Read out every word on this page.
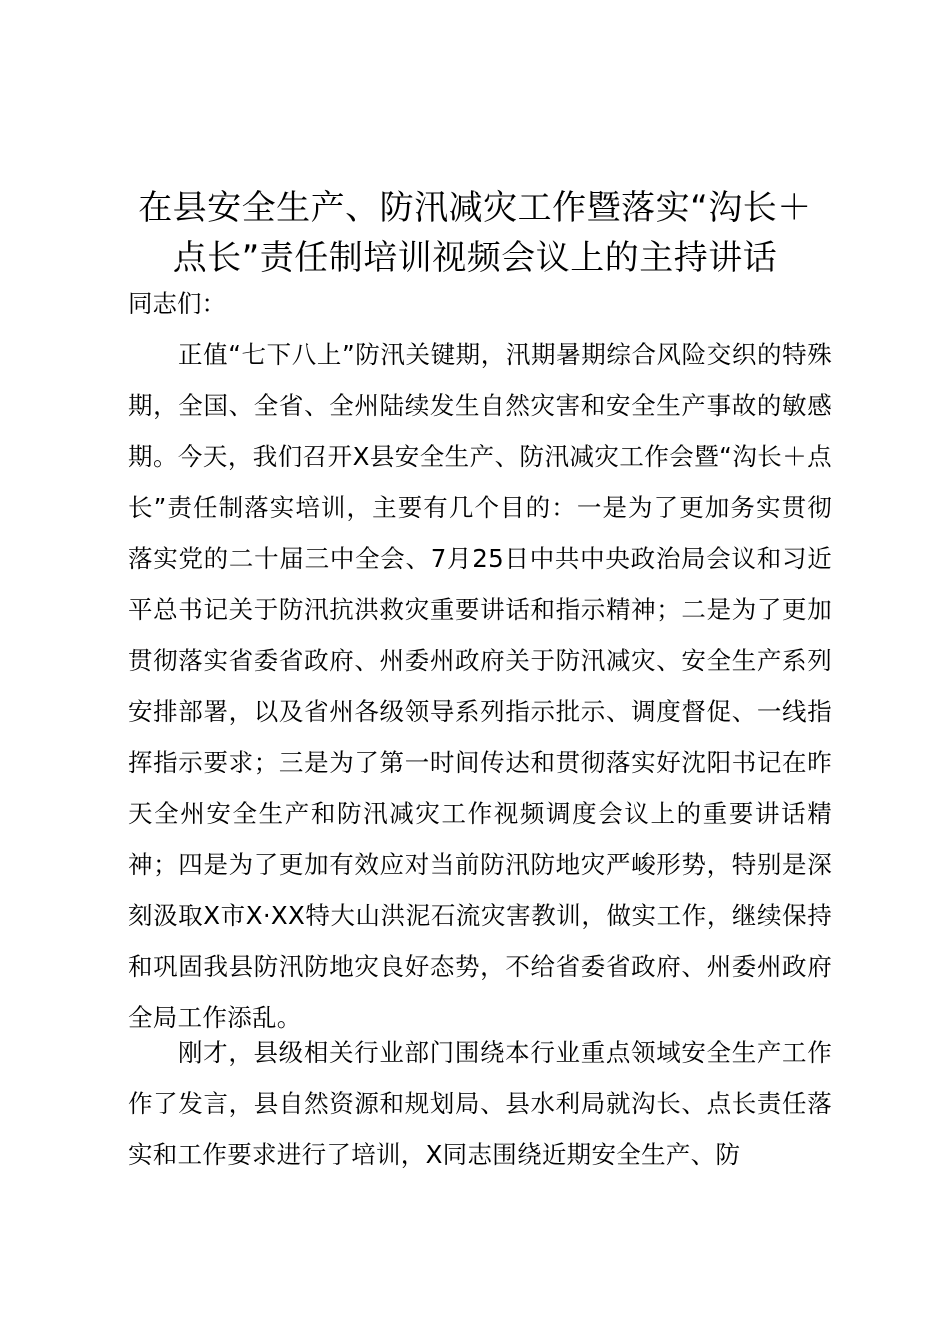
在县安全生产、防汛减灾工作暨落实“沟长＋
点长”责任制培训视频会议上的主持讲话

同志们：

正值“七下八上”防汛关键期，汛期暑期综合风险交织的特殊期，全国、全省、全州陆续发生自然灾害和安全生产事故的敏感期。今天，我们召开X县安全生产、防汛减灾工作会暨“沟长＋点长”责任制落实培训，主要有几个目的：一是为了更加务实贯彻落实党的二十届三中全会、7月25日中共中央政治局会议和习近平总书记关于防汛抗洪救灾重要讲话和指示精神；二是为了更加贯彻落实省委省政府、州委州政府关于防汛减灾、安全生产系列安排部署，以及省州各级领导系列指示批示、调度督促、一线指挥指示要求；三是为了第一时间传达和贯彻落实好沈阳书记在昨天全州安全生产和防汛减灾工作视频调度会议上的重要讲话精神；四是为了更加有效应对当前防汛防地灾严峻形势，特别是深刻汲取X市X·XX特大山洪泥石流灾害教训，做实工作，继续保持和巩固我县防汛防地灾良好态势，不给省委省政府、州委州政府全局工作添乱。

刚才，县级相关行业部门围绕本行业重点领域安全生产工作作了发言，县自然资源和规划局、县水利局就沟长、点长责任落实和工作要求进行了培训，X同志围绕近期安全生产、防
